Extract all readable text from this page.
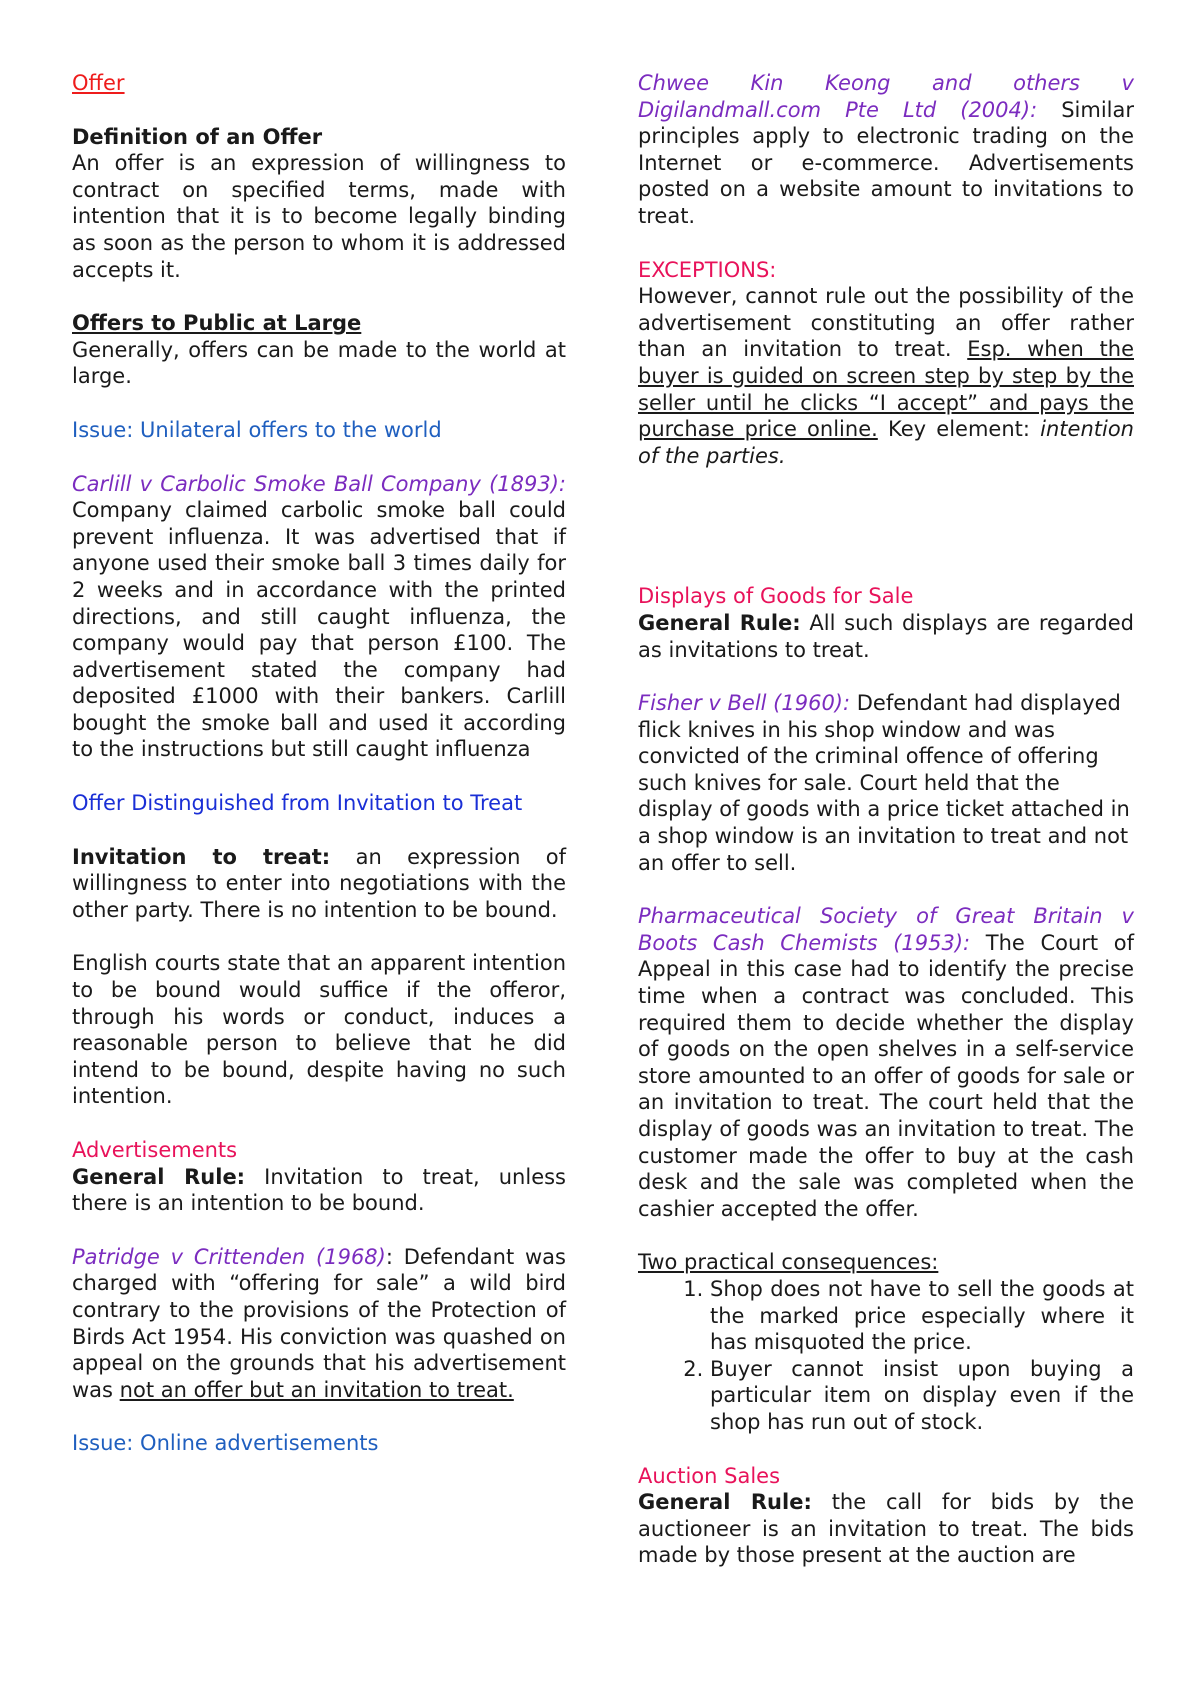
Offer

Definition of an Offer

An offer is an expression of willingness to contract on specified terms, made with intention that it is to become legally binding as soon as the person to whom it is addressed accepts it.

Offers to Public at Large

Generally, offers can be made to the world at large.

Issue: Unilateral offers to the world

Carlill v Carbolic Smoke Ball Company (1893): Company claimed carbolic smoke ball could prevent influenza. It was advertised that if anyone used their smoke ball 3 times daily for 2 weeks and in accordance with the printed directions, and still caught influenza, the company would pay that person £100. The advertisement stated the company had deposited £1000 with their bankers. Carlill bought the smoke ball and used it according to the instructions but still caught influenza

Offer Distinguished from Invitation to Treat

Invitation to treat: an expression of willingness to enter into negotiations with the other party. There is no intention to be bound.

English courts state that an apparent intention to be bound would suffice if the offeror, through his words or conduct, induces a reasonable person to believe that he did intend to be bound, despite having no such intention.

Advertisements

General Rule: Invitation to treat, unless there is an intention to be bound.

Patridge v Crittenden (1968): Defendant was charged with “offering for sale” a wild bird contrary to the provisions of the Protection of Birds Act 1954. His conviction was quashed on appeal on the grounds that his advertisement was not an offer but an invitation to treat.

Issue: Online advertisements

Chwee Kin Keong and others v Digilandmall.com Pte Ltd (2004): Similar principles apply to electronic trading on the Internet or e-commerce. Advertisements posted on a website amount to invitations to treat.

EXCEPTIONS:

However, cannot rule out the possibility of the advertisement constituting an offer rather than an invitation to treat. Esp. when the buyer is guided on screen step by step by the seller until he clicks “I accept” and pays the purchase price online. Key element: intention of the parties.

Displays of Goods for Sale

General Rule: All such displays are regarded as invitations to treat.

Fisher v Bell (1960): Defendant had displayed flick knives in his shop window and was convicted of the criminal offence of offering such knives for sale. Court held that the display of goods with a price ticket attached in a shop window is an invitation to treat and not an offer to sell.

Pharmaceutical Society of Great Britain v Boots Cash Chemists (1953): The Court of Appeal in this case had to identify the precise time when a contract was concluded. This required them to decide whether the display of goods on the open shelves in a self-service store amounted to an offer of goods for sale or an invitation to treat. The court held that the display of goods was an invitation to treat. The customer made the offer to buy at the cash desk and the sale was completed when the cashier accepted the offer.

Two practical consequences:

1. Shop does not have to sell the goods at the marked price especially where it has misquoted the price.
2. Buyer cannot insist upon buying a particular item on display even if the shop has run out of stock.

Auction Sales

General Rule: the call for bids by the auctioneer is an invitation to treat. The bids made by those present at the auction are
